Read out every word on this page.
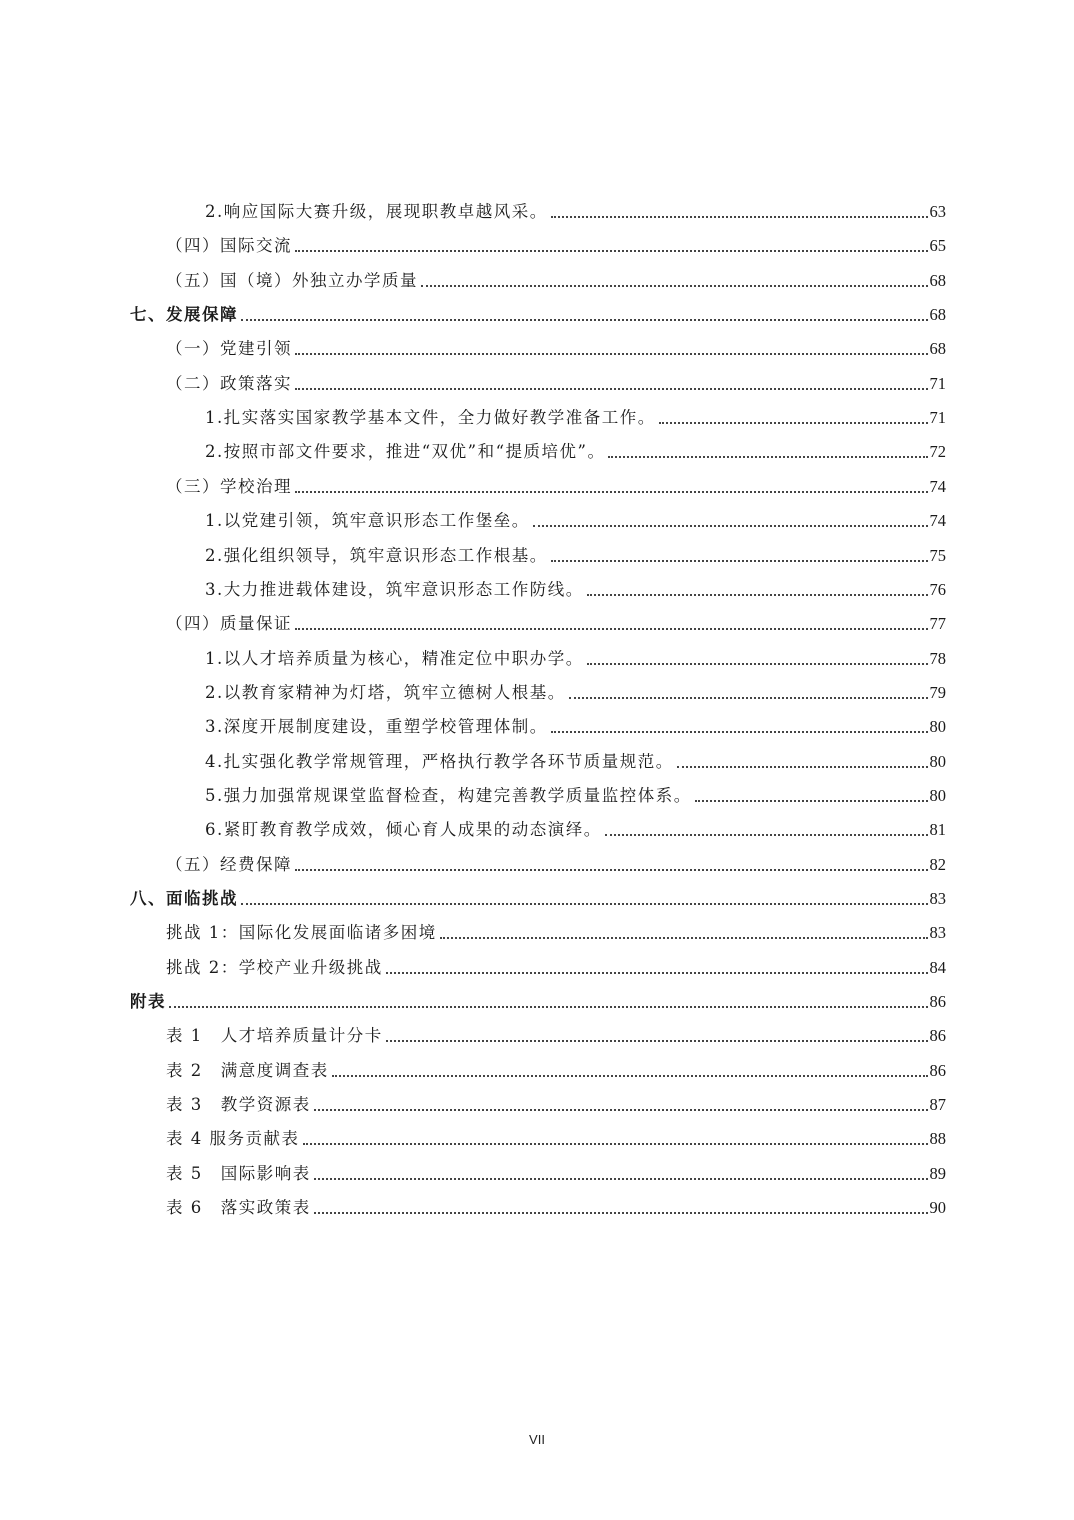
2.响应国际大赛升级，展现职教卓越风采。	63
（四）国际交流	65
（五）国（境）外独立办学质量	68
七、发展保障	68
（一）党建引领	68
（二）政策落实	71
1.扎实落实国家教学基本文件，全力做好教学准备工作。	71
2.按照市部文件要求，推进“双优”和“提质培优”。	72
（三）学校治理	74
1.以党建引领，筑牢意识形态工作堡垒。	74
2.强化组织领导，筑牢意识形态工作根基。	75
3.大力推进载体建设，筑牢意识形态工作防线。	76
（四）质量保证	77
1.以人才培养质量为核心，精准定位中职办学。	78
2.以教育家精神为灯塔，筑牢立德树人根基。	79
3.深度开展制度建设，重塑学校管理体制。	80
4.扎实强化教学常规管理，严格执行教学各环节质量规范。	80
5.强力加强常规课堂监督检查，构建完善教学质量监控体系。	80
6.紧盯教育教学成效，倾心育人成果的动态演绎。	81
（五）经费保障	82
八、面临挑战	83
挑战 1：国际化发展面临诸多困境	83
挑战 2：学校产业升级挑战	84
附表	86
表 1　人才培养质量计分卡	86
表 2　满意度调查表	86
表 3　教学资源表	87
表 4 服务贡献表	88
表 5　国际影响表	89
表 6　落实政策表	90
VII
